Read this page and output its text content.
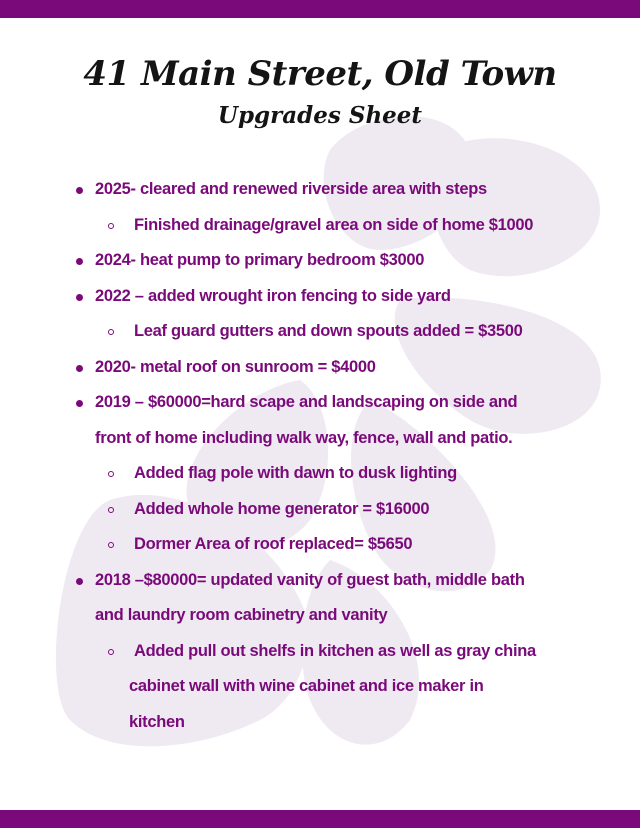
41 Main Street, Old Town
Upgrades Sheet
2025- cleared and renewed riverside area with steps
Finished drainage/gravel area on side of home $1000
2024- heat pump to primary bedroom $3000
2022 – added wrought iron fencing to side yard
Leaf guard gutters and down spouts added = $3500
2020- metal roof on sunroom = $4000
2019 – $60000=hard scape and landscaping on side and
front of home including walk way, fence, wall and patio.
Added flag pole with dawn to dusk lighting
Added whole home generator = $16000
Dormer Area of roof replaced= $5650
2018 –$80000= updated vanity of guest bath, middle bath
and laundry room cabinetry and vanity
Added pull out shelfs in kitchen as well as gray china
cabinet wall with wine cabinet and ice maker in
kitchen
